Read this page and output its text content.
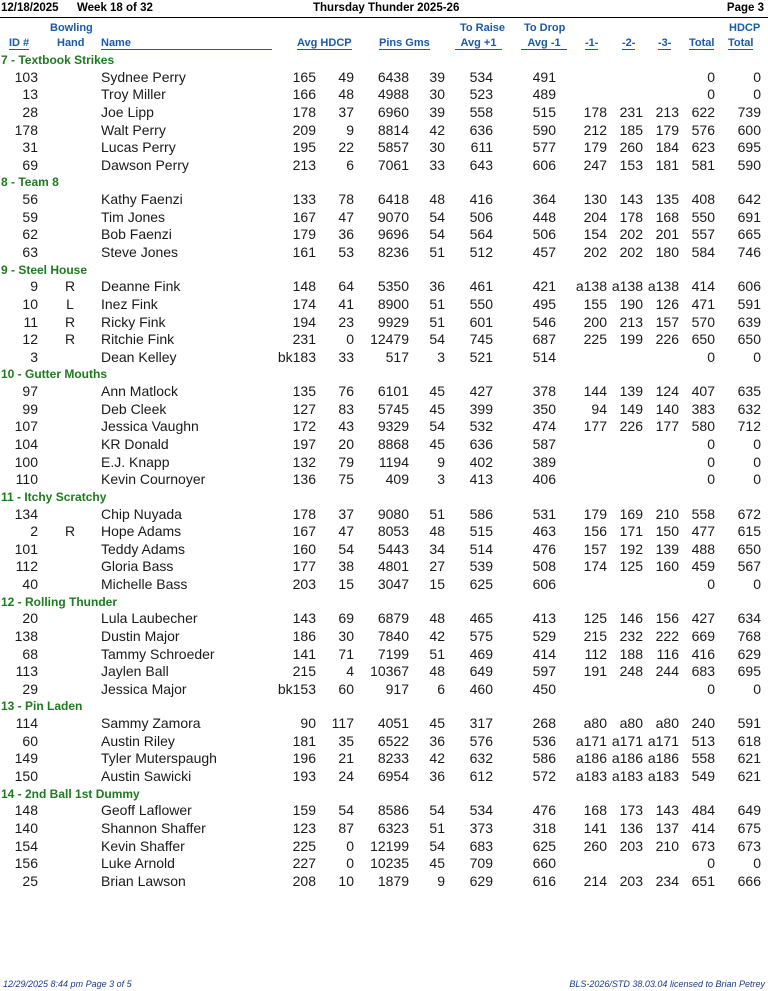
12/18/2025 Week 18 of 32	Thursday Thunder 2025-26	Page 3
Bowling
Hand
ID #	Name	Avg HDCP Pins Gms
To Raise
Avg +1
To Drop
Avg -1	-1- -2- -3- Total
HDCP
Total
7 - Textbook Strikes
103	Sydnee Perry	165 49 6438 39 534	491	0	0
13	Troy Miller	166 48 4988 30 523	489	0	0
28	Joe Lipp	178 37 6960 39 558	515 178 231 213 622 739
178	Walt Perry	209 9 8814 42 636	590 212 185 179 576 600
31	Lucas Perry	195 22 5857 30 611	577 179 260 184 623 695
69	Dawson Perry	213 6 7061 33 643	606 247 153 181 581 590
8 - Team 8
56	Kathy Faenzi	133 78 6418 48 416	364 130 143 135 408 642
59	Tim Jones	167 47 9070 54 506	448 204 178 168 550 691
62	Bob Faenzi	179 36 9696 54 564	506 154 202 201 557 665
63	Steve Jones	161 53 8236 51 512	457 202 202 180 584 746
9 - Steel House
9	R	Deanne Fink	148 64 5350 36 461	421 a138 a138 a138 414 606
10	L	Inez Fink	174 41 8900 51 550	495 155 190 126 471 591
11	R	Ricky Fink	194 23 9929 51 601	546 200 213 157 570 639
12	R	Ritchie Fink	231 0 12479 54 745	687 225 199 226 650 650
3	Dean Kelley	bk183 33 517 3 521	514	0	0
10 - Gutter Mouths
97	Ann Matlock	135 76 6101 45 427	378 144 139 124 407 635
99	Deb Cleek	127 83 5745 45 399	350	94 149 140 383 632
107	Jessica Vaughn	172 43 9329 54 532	474 177 226 177 580 712
104	KR Donald	197 20 8868 45 636	587	0	0
100	E.J. Knapp	132 79 1194 9 402	389	0	0
110	Kevin Cournoyer	136 75 409 3 413	406	0	0
11 - Itchy Scratchy
134	Chip Nuyada	178 37 9080 51 586	531 179 169 210 558 672
2	R	Hope Adams	167 47 8053 48 515	463 156 171 150 477 615
101	Teddy Adams	160 54 5443 34 514	476 157 192 139 488 650
112	Gloria Bass	177 38 4801 27 539	508 174 125 160 459 567
40	Michelle Bass	203 15 3047 15 625	606	0	0
12 - Rolling Thunder
20	Lula Laubecher	143 69 6879 48 465	413 125 146 156 427 634
138	Dustin Major	186 30 7840 42 575	529 215 232 222 669 768
68	Tammy Schroeder	141 71 7199 51 469	414 112 188 116 416 629
113	Jaylen Ball	215 4 10367 48 649	597 191 248 244 683 695
29	Jessica Major	bk153 60 917 6 460	450	0	0
13 - Pin Laden
114	Sammy Zamora	90 117 4051 45 317	268 a80 a80 a80 240 591
60	Austin Riley	181 35 6522 36 576	536 a171 a171 a171 513 618
149	Tyler Muterspaugh	196 21 8233 42 632	586 a186 a186 a186 558 621
150	Austin Sawicki	193 24 6954 36 612	572 a183 a183 a183 549 621
14 - 2nd Ball 1st Dummy
148	Geoff Laflower	159 54 8586 54 534	476 168 173 143 484 649
140	Shannon Shaffer	123 87 6323 51 373	318 141 136 137 414 675
154	Kevin Shaffer	225 0 12199 54 683	625 260 203 210 673 673
156	Luke Arnold	227 0 10235 45 709	660	0	0
25	Brian Lawson	208 10 1879 9 629	616 214 203 234 651 666
12/29/2025 8:44 pm Page 3 of 5	BLS-2026/STD 38.03.04 licensed to Brian Petrey
